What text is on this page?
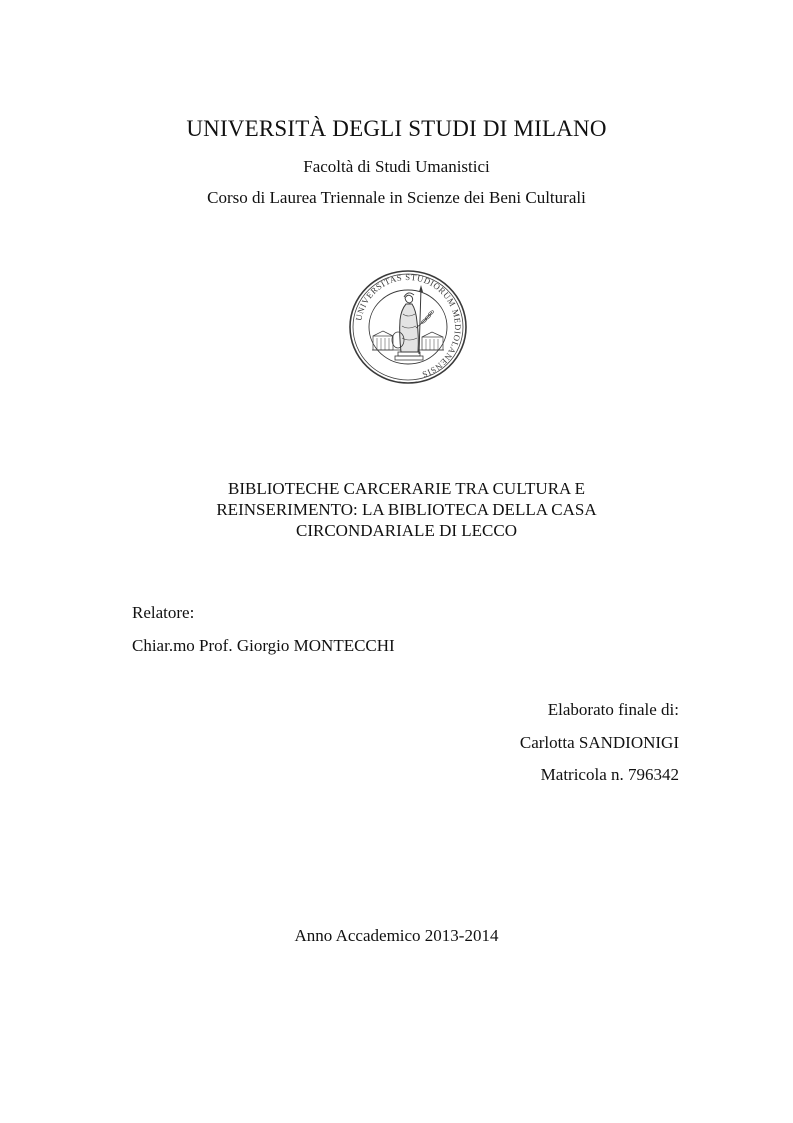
UNIVERSITÀ DEGLI STUDI DI MILANO
Facoltà di Studi Umanistici
Corso di Laurea Triennale in Scienze dei Beni Culturali
UNIVERSITAS STUDIORUM MEDIOLANENSIS
BIBLIOTECHE CARCERARIE TRA CULTURA E
REINSERIMENTO: LA BIBLIOTECA DELLA CASA
CIRCONDARIALE DI LECCO
Relatore:
Chiar.mo Prof. Giorgio MONTECCHI
Elaborato finale di:
Carlotta SANDIONIGI
Matricola n. 796342
Anno Accademico 2013-2014
